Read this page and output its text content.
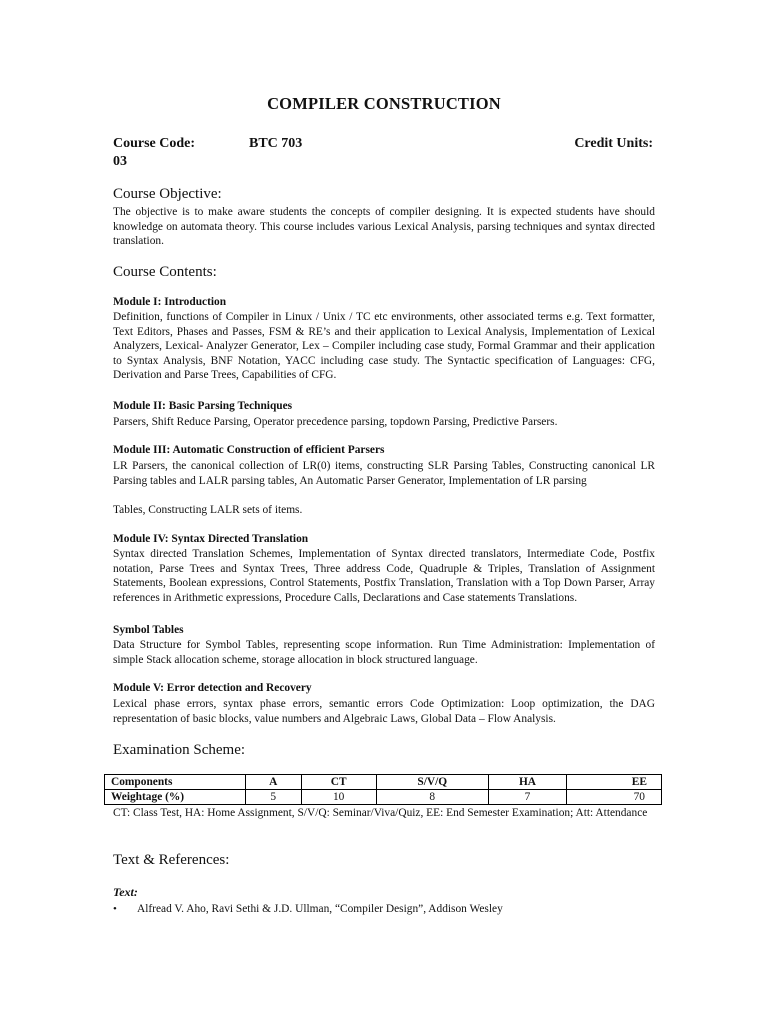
COMPILER CONSTRUCTION
Course Code:	BTC 703	Credit Units:
03
Course Objective:
The objective is to make aware students the concepts of compiler designing. It is expected students have should knowledge on automata theory. This course includes various Lexical Analysis, parsing techniques and syntax directed translation.
Course Contents:
Module I: Introduction
Definition, functions of Compiler in Linux / Unix / TC etc environments, other associated terms e.g. Text formatter, Text Editors, Phases and Passes, FSM & RE’s and their application to Lexical Analysis, Implementation of Lexical Analyzers, Lexical- Analyzer Generator, Lex – Compiler including case study, Formal Grammar and their application to Syntax Analysis, BNF Notation, YACC including case study. The Syntactic specification of Languages: CFG, Derivation and Parse Trees, Capabilities of CFG.
Module II: Basic Parsing Techniques
Parsers, Shift Reduce Parsing, Operator precedence parsing, topdown Parsing, Predictive Parsers.
Module III: Automatic Construction of efficient Parsers
LR Parsers, the canonical collection of LR(0) items, constructing SLR Parsing Tables, Constructing canonical LR Parsing tables and LALR parsing tables, An Automatic Parser Generator, Implementation of LR parsing
Tables, Constructing LALR sets of items.
Module IV: Syntax Directed Translation
Syntax directed Translation Schemes, Implementation of Syntax directed translators, Intermediate Code, Postfix notation, Parse Trees and Syntax Trees, Three address Code, Quadruple & Triples, Translation of Assignment Statements, Boolean expressions, Control Statements, Postfix Translation, Translation with a Top Down Parser, Array references in Arithmetic expressions, Procedure Calls, Declarations and Case statements Translations.
Symbol Tables
Data Structure for Symbol Tables, representing scope information. Run Time Administration: Implementation of simple Stack allocation scheme, storage allocation in block structured language.
Module V: Error detection and Recovery
Lexical phase errors, syntax phase errors, semantic errors Code Optimization: Loop optimization, the DAG representation of basic blocks, value numbers and Algebraic Laws, Global Data – Flow Analysis.
Examination Scheme:
Components	A	CT	S/V/Q	HA	EE
Weightage (%)	5	10	8	7	70
CT: Class Test, HA: Home Assignment, S/V/Q: Seminar/Viva/Quiz, EE: End Semester Examination; Att: Attendance
Text & References:
Text:
• Alfread V. Aho, Ravi Sethi & J.D. Ullman, “Compiler Design”, Addison Wesley
